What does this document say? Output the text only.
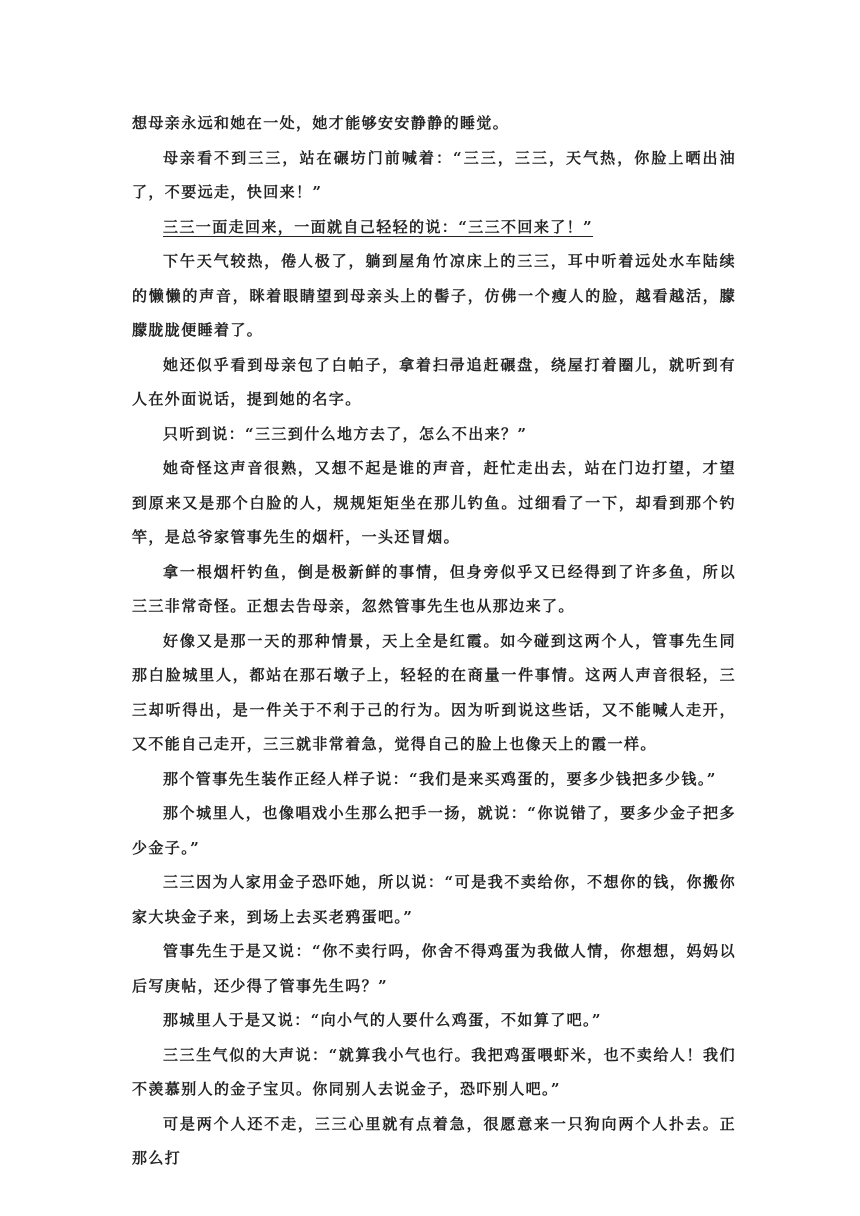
想母亲永远和她在一处，她才能够安安静静的睡觉。

母亲看不到三三，站在碾坊门前喊着：“三三，三三，天气热，你脸上晒出油了，不要远走，快回来！”

三三一面走回来，一面就自己轻轻的说：“三三不回来了！”

下午天气较热，倦人极了，躺到屋角竹凉床上的三三，耳中听着远处水车陆续的懒懒的声音，眯着眼睛望到母亲头上的髻子，仿佛一个瘦人的脸，越看越活，朦朦胧胧便睡着了。

她还似乎看到母亲包了白帕子，拿着扫帚追赶碾盘，绕屋打着圈儿，就听到有人在外面说话，提到她的名字。

只听到说：“三三到什么地方去了，怎么不出来？”

她奇怪这声音很熟，又想不起是谁的声音，赶忙走出去，站在门边打望，才望到原来又是那个白脸的人，规规矩矩坐在那儿钓鱼。过细看了一下，却看到那个钓竿，是总爷家管事先生的烟杆，一头还冒烟。

拿一根烟杆钓鱼，倒是极新鲜的事情，但身旁似乎又已经得到了许多鱼，所以三三非常奇怪。正想去告母亲，忽然管事先生也从那边来了。

好像又是那一天的那种情景，天上全是红霞。如今碰到这两个人，管事先生同那白脸城里人，都站在那石墩子上，轻轻的在商量一件事情。这两人声音很轻，三三却听得出，是一件关于不利于己的行为。因为听到说这些话，又不能喊人走开，又不能自己走开，三三就非常着急，觉得自己的脸上也像天上的霞一样。

那个管事先生装作正经人样子说：“我们是来买鸡蛋的，要多少钱把多少钱。”

那个城里人，也像唱戏小生那么把手一扬，就说：“你说错了，要多少金子把多少金子。”

三三因为人家用金子恐吓她，所以说：“可是我不卖给你，不想你的钱，你搬你家大块金子来，到场上去买老鸦蛋吧。”

管事先生于是又说：“你不卖行吗，你舍不得鸡蛋为我做人情，你想想，妈妈以后写庚帖，还少得了管事先生吗？”

那城里人于是又说：“向小气的人要什么鸡蛋，不如算了吧。”

三三生气似的大声说：“就算我小气也行。我把鸡蛋喂虾米，也不卖给人！我们不羡慕别人的金子宝贝。你同别人去说金子，恐吓别人吧。”

可是两个人还不走，三三心里就有点着急，很愿意来一只狗向两个人扑去。正那么打
